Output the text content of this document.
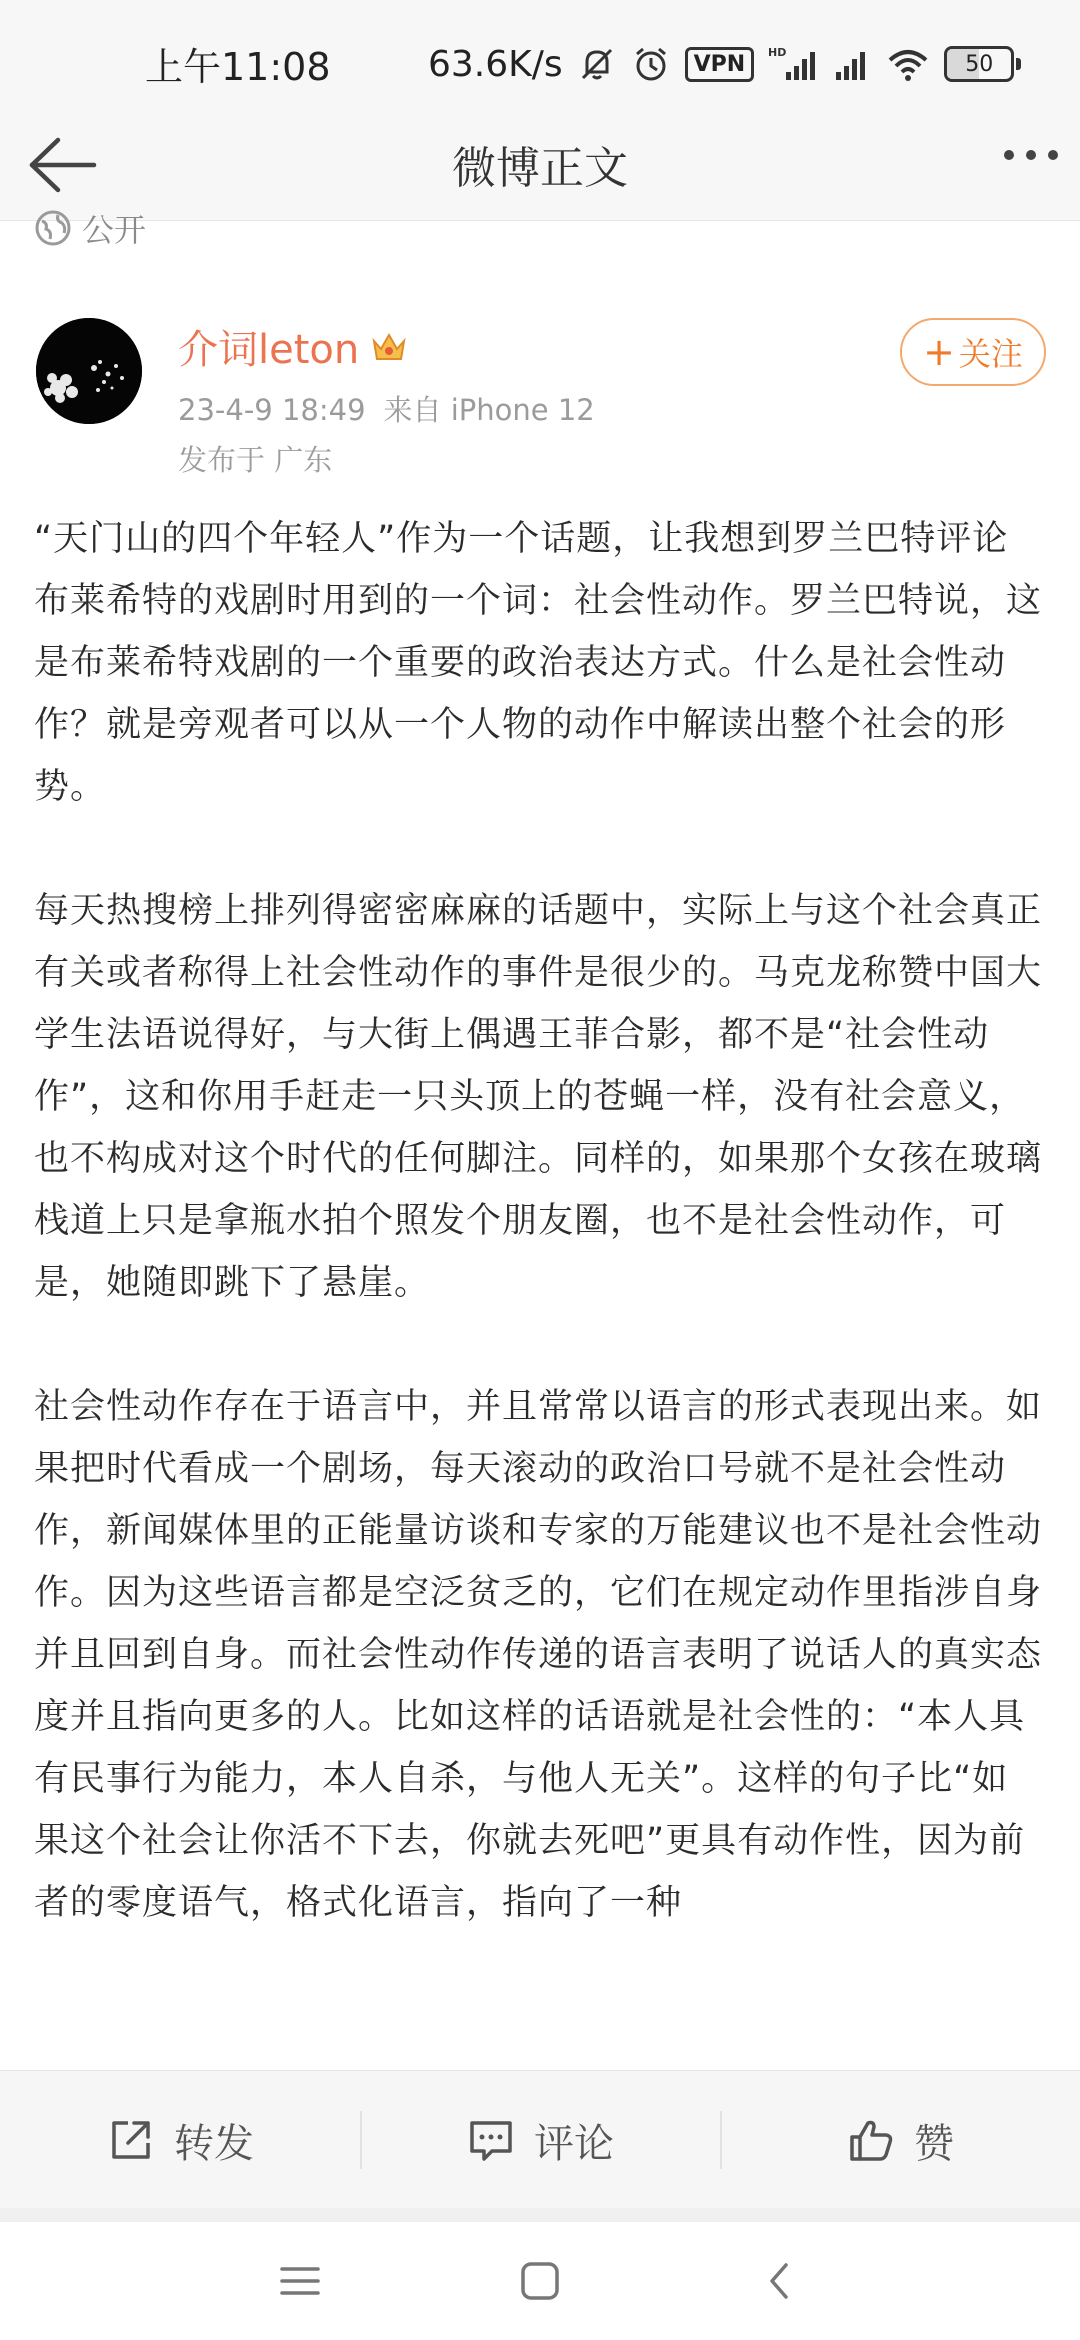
上午11:08	63.6K/s	VPN	HD	50
微博正文
公开
介词leton
23-4-9 18:49 来自 iPhone 12
发布于 广东
+ 关注

“天门山的四个年轻人”作为一个话题，让我想到罗兰巴特评论布莱希特的戏剧时用到的一个词：社会性动作。罗兰巴特说，这是布莱希特戏剧的一个重要的政治表达方式。什么是社会性动作？就是旁观者可以从一个人物的动作中解读出整个社会的形势。

每天热搜榜上排列得密密麻麻的话题中，实际上与这个社会真正有关或者称得上社会性动作的事件是很少的。马克龙称赞中国大学生法语说得好，与大街上偶遇王菲合影，都不是“社会性动作”，这和你用手赶走一只头顶上的苍蝇一样，没有社会意义，也不构成对这个时代的任何脚注。同样的，如果那个女孩在玻璃栈道上只是拿瓶水拍个照发个朋友圈，也不是社会性动作，可是，她随即跳下了悬崖。

社会性动作存在于语言中，并且常常以语言的形式表现出来。如果把时代看成一个剧场，每天滚动的政治口号就不是社会性动作，新闻媒体里的正能量访谈和专家的万能建议也不是社会性动作。因为这些语言都是空泛贫乏的，它们在规定动作里指涉自身并且回到自身。而社会性动作传递的语言表明了说话人的真实态度并且指向更多的人。比如这样的话语就是社会性的：“本人具有民事行为能力，本人自杀，与他人无关”。这样的句子比“如果这个社会让你活不下去，你就去死吧”更具有动作性，因为前者的零度语气，格式化语言，指向了一种

转发	评论	赞
